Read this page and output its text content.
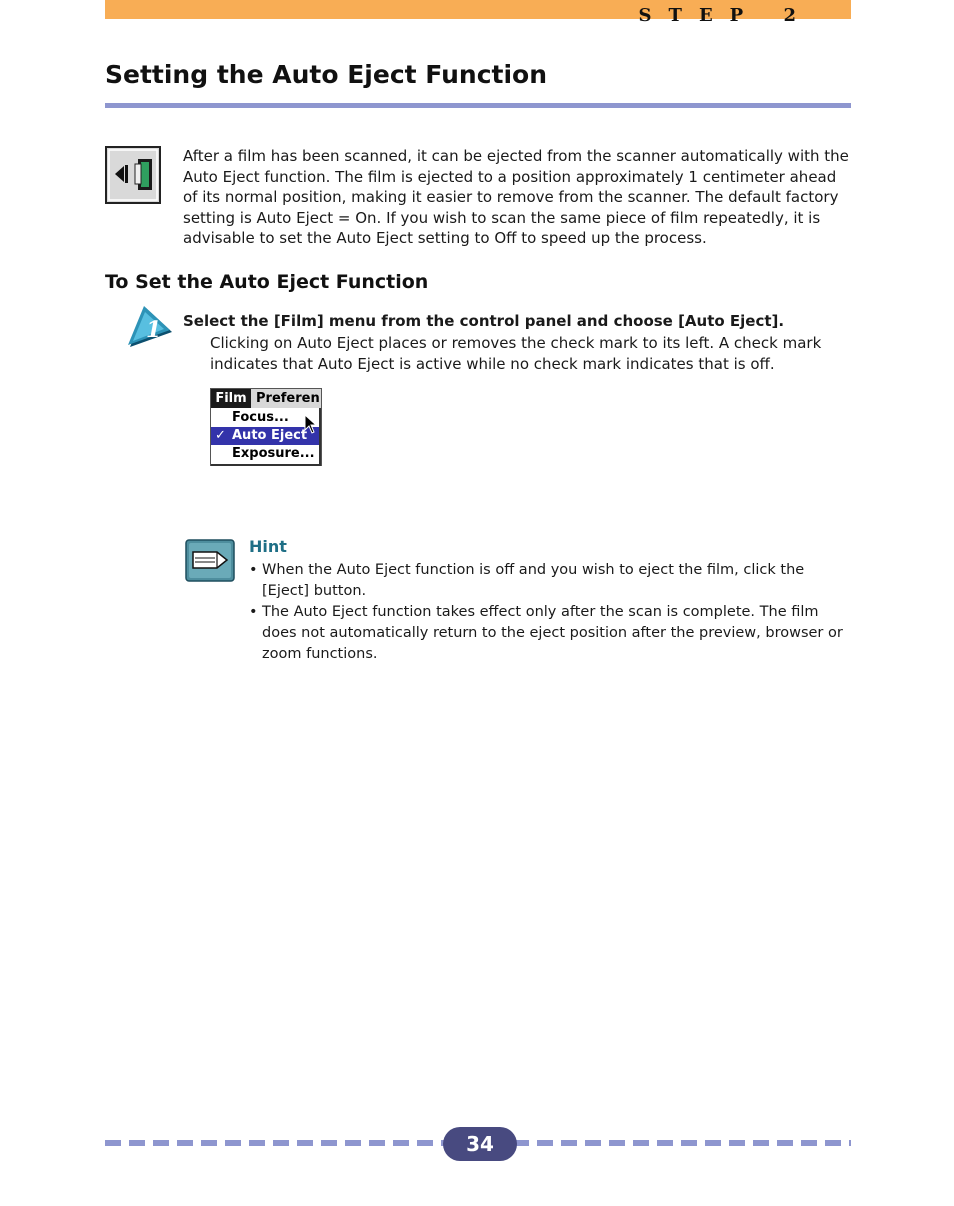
STEP 2
Setting the Auto Eject Function

After a film has been scanned, it can be ejected from the scanner automatically with the Auto Eject function. The film is ejected to a position approximately 1 centimeter ahead of its normal position, making it easier to remove from the scanner. The default factory setting is Auto Eject = On. If you wish to scan the same piece of film repeatedly, it is advisable to set the Auto Eject setting to Off to speed up the process.

To Set the Auto Eject Function
1 Select the [Film] menu from the control panel and choose [Auto Eject].

Clicking on Auto Eject places or removes the check mark to its left. A check mark indicates that Auto Eject is active while no check mark indicates that is off.

Film Preferen
Focus...
✓ Auto Eject
Exposure...
Hint
• When the Auto Eject function is off and you wish to eject the film, click the [Eject] button.
• The Auto Eject function takes effect only after the scan is complete. The film does not automatically return to the eject position after the preview, browser or zoom functions.
34
